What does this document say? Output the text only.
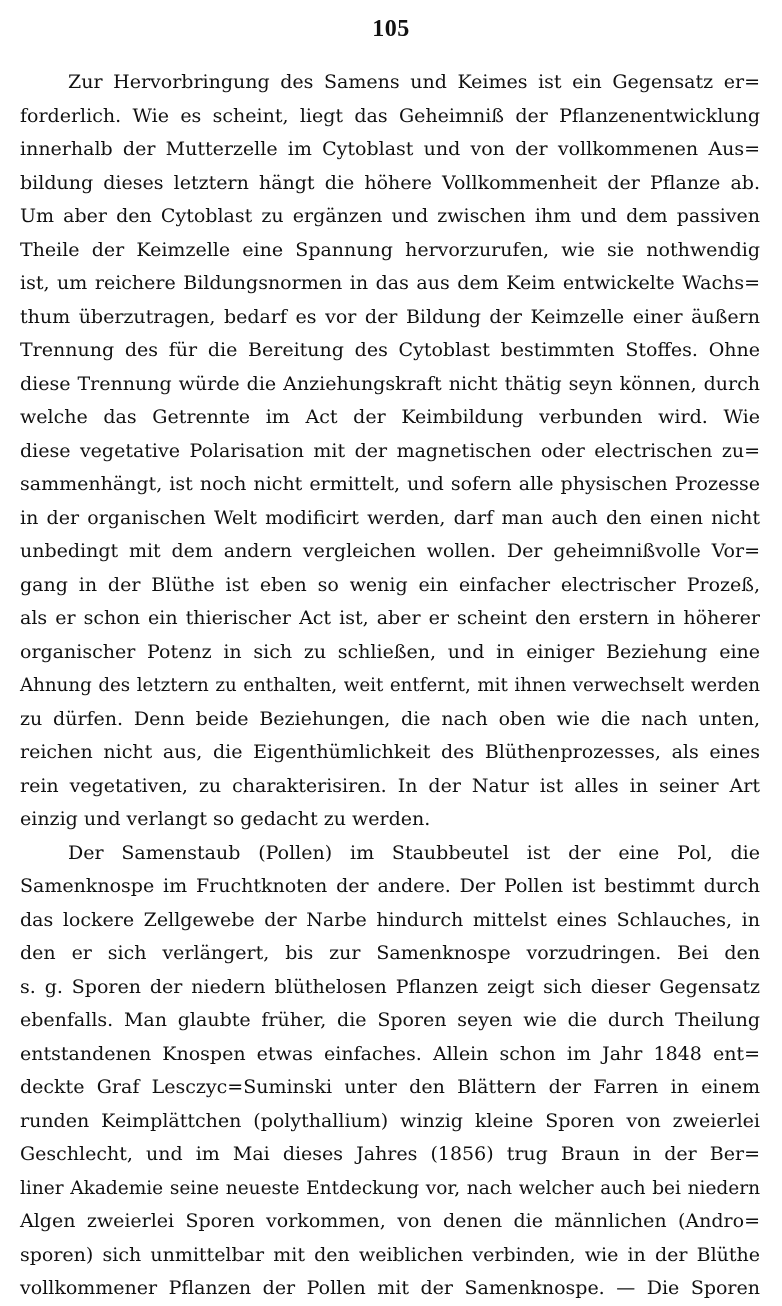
105
Zur Hervorbringung des Samens und Keimes ist ein Gegensatz er=
forderlich. Wie es scheint, liegt das Geheimniß der Pflanzenentwicklung
innerhalb der Mutterzelle im Cytoblast und von der vollkommenen Aus=
bildung dieses letztern hängt die höhere Vollkommenheit der Pflanze ab.
Um aber den Cytoblast zu ergänzen und zwischen ihm und dem passiven
Theile der Keimzelle eine Spannung hervorzurufen, wie sie nothwendig
ist, um reichere Bildungsnormen in das aus dem Keim entwickelte Wachs=
thum überzutragen, bedarf es vor der Bildung der Keimzelle einer äußern
Trennung des für die Bereitung des Cytoblast bestimmten Stoffes. Ohne
diese Trennung würde die Anziehungskraft nicht thätig seyn können, durch
welche das Getrennte im Act der Keimbildung verbunden wird. Wie
diese vegetative Polarisation mit der magnetischen oder electrischen zu=
sammenhängt, ist noch nicht ermittelt, und sofern alle physischen Prozesse
in der organischen Welt modificirt werden, darf man auch den einen nicht
unbedingt mit dem andern vergleichen wollen. Der geheimnißvolle Vor=
gang in der Blüthe ist eben so wenig ein einfacher electrischer Prozeß,
als er schon ein thierischer Act ist, aber er scheint den erstern in höherer
organischer Potenz in sich zu schließen, und in einiger Beziehung eine
Ahnung des letztern zu enthalten, weit entfernt, mit ihnen verwechselt werden
zu dürfen. Denn beide Beziehungen, die nach oben wie die nach unten,
reichen nicht aus, die Eigenthümlichkeit des Blüthenprozesses, als eines
rein vegetativen, zu charakterisiren. In der Natur ist alles in seiner Art
einzig und verlangt so gedacht zu werden.
Der Samenstaub (Pollen) im Staubbeutel ist der eine Pol, die
Samenknospe im Fruchtknoten der andere. Der Pollen ist bestimmt durch
das lockere Zellgewebe der Narbe hindurch mittelst eines Schlauches, in
den er sich verlängert, bis zur Samenknospe vorzudringen. Bei den
s. g. Sporen der niedern blüthelosen Pflanzen zeigt sich dieser Gegensatz
ebenfalls. Man glaubte früher, die Sporen seyen wie die durch Theilung
entstandenen Knospen etwas einfaches. Allein schon im Jahr 1848 ent=
deckte Graf Lesczyc=Suminski unter den Blättern der Farren in einem
runden Keimplättchen (polythallium) winzig kleine Sporen von zweierlei
Geschlecht, und im Mai dieses Jahres (1856) trug Braun in der Ber=
liner Akademie seine neueste Entdeckung vor, nach welcher auch bei niedern
Algen zweierlei Sporen vorkommen, von denen die männlichen (Andro=
sporen) sich unmittelbar mit den weiblichen verbinden, wie in der Blüthe
vollkommener Pflanzen der Pollen mit der Samenknospe. — Die Sporen
